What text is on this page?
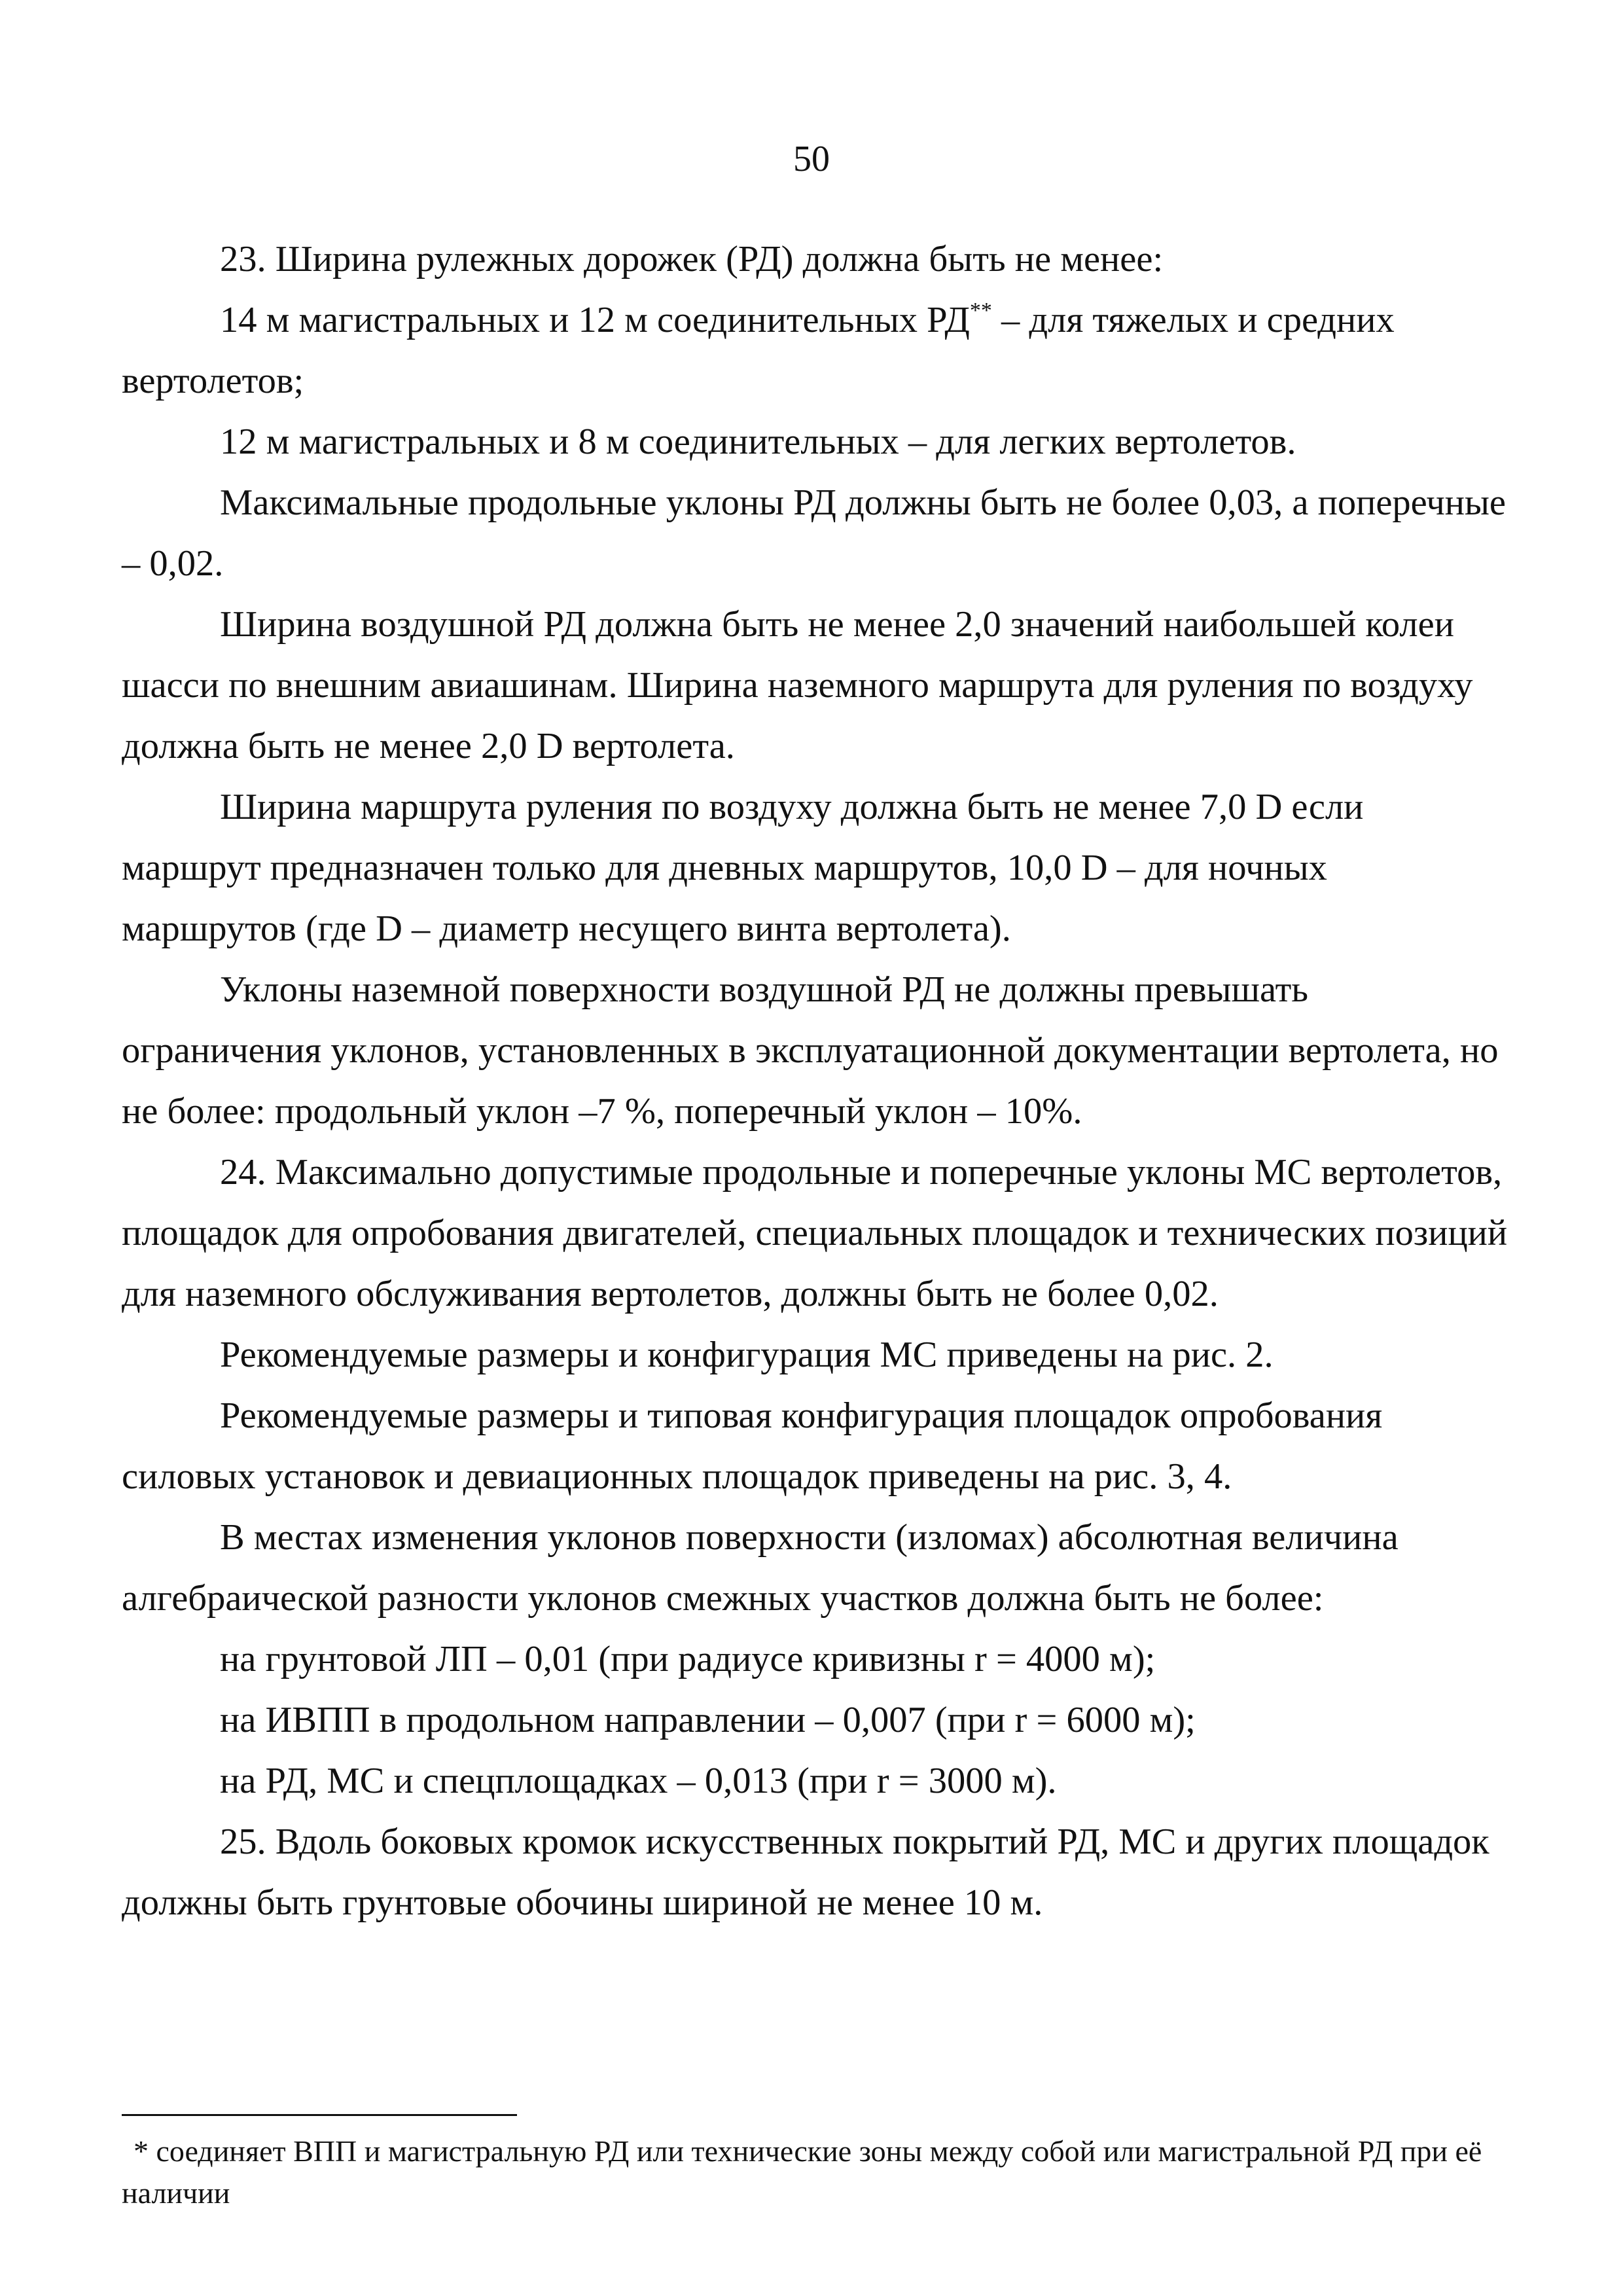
50

23. Ширина рулежных дорожек (РД) должна быть не менее:

14 м магистральных и 12 м соединительных РД** – для тяжелых и средних вертолетов;

12 м магистральных и 8 м соединительных – для легких вертолетов.

Максимальные продольные уклоны РД должны быть не более 0,03, а поперечные – 0,02.

Ширина воздушной РД должна быть не менее 2,0 значений наибольшей колеи шасси по внешним авиашинам. Ширина наземного маршрута для руления по воздуху должна быть не менее 2,0 D вертолета.

Ширина маршрута руления по воздуху должна быть не менее 7,0 D если маршрут предназначен только для дневных маршрутов, 10,0 D – для ночных маршрутов (где D – диаметр несущего винта вертолета).

Уклоны наземной поверхности воздушной РД не должны превышать ограничения уклонов, установленных в эксплуатационной документации вертолета, но не более: продольный уклон –7 %, поперечный уклон – 10%.

24. Максимально допустимые продольные и поперечные уклоны МС вертолетов, площадок для опробования двигателей, специальных площадок и технических позиций для наземного обслуживания вертолетов, должны быть не более 0,02.

Рекомендуемые размеры и конфигурация МС приведены на рис. 2.

Рекомендуемые размеры и типовая конфигурация площадок опробования силовых установок и девиационных площадок приведены на рис. 3, 4.

В местах изменения уклонов поверхности (изломах) абсолютная величина алгебраической разности уклонов смежных участков должна быть не более:

на грунтовой ЛП – 0,01 (при радиусе кривизны r = 4000 м);

на ИВПП в продольном направлении – 0,007 (при r = 6000 м);

на РД, МС и спецплощадках – 0,013 (при r = 3000 м).

25. Вдоль боковых кромок искусственных покрытий РД, МС и других площадок должны быть грунтовые обочины шириной не менее 10 м.

* соединяет ВПП и магистральную РД или технические зоны между собой или магистральной РД при её наличии
